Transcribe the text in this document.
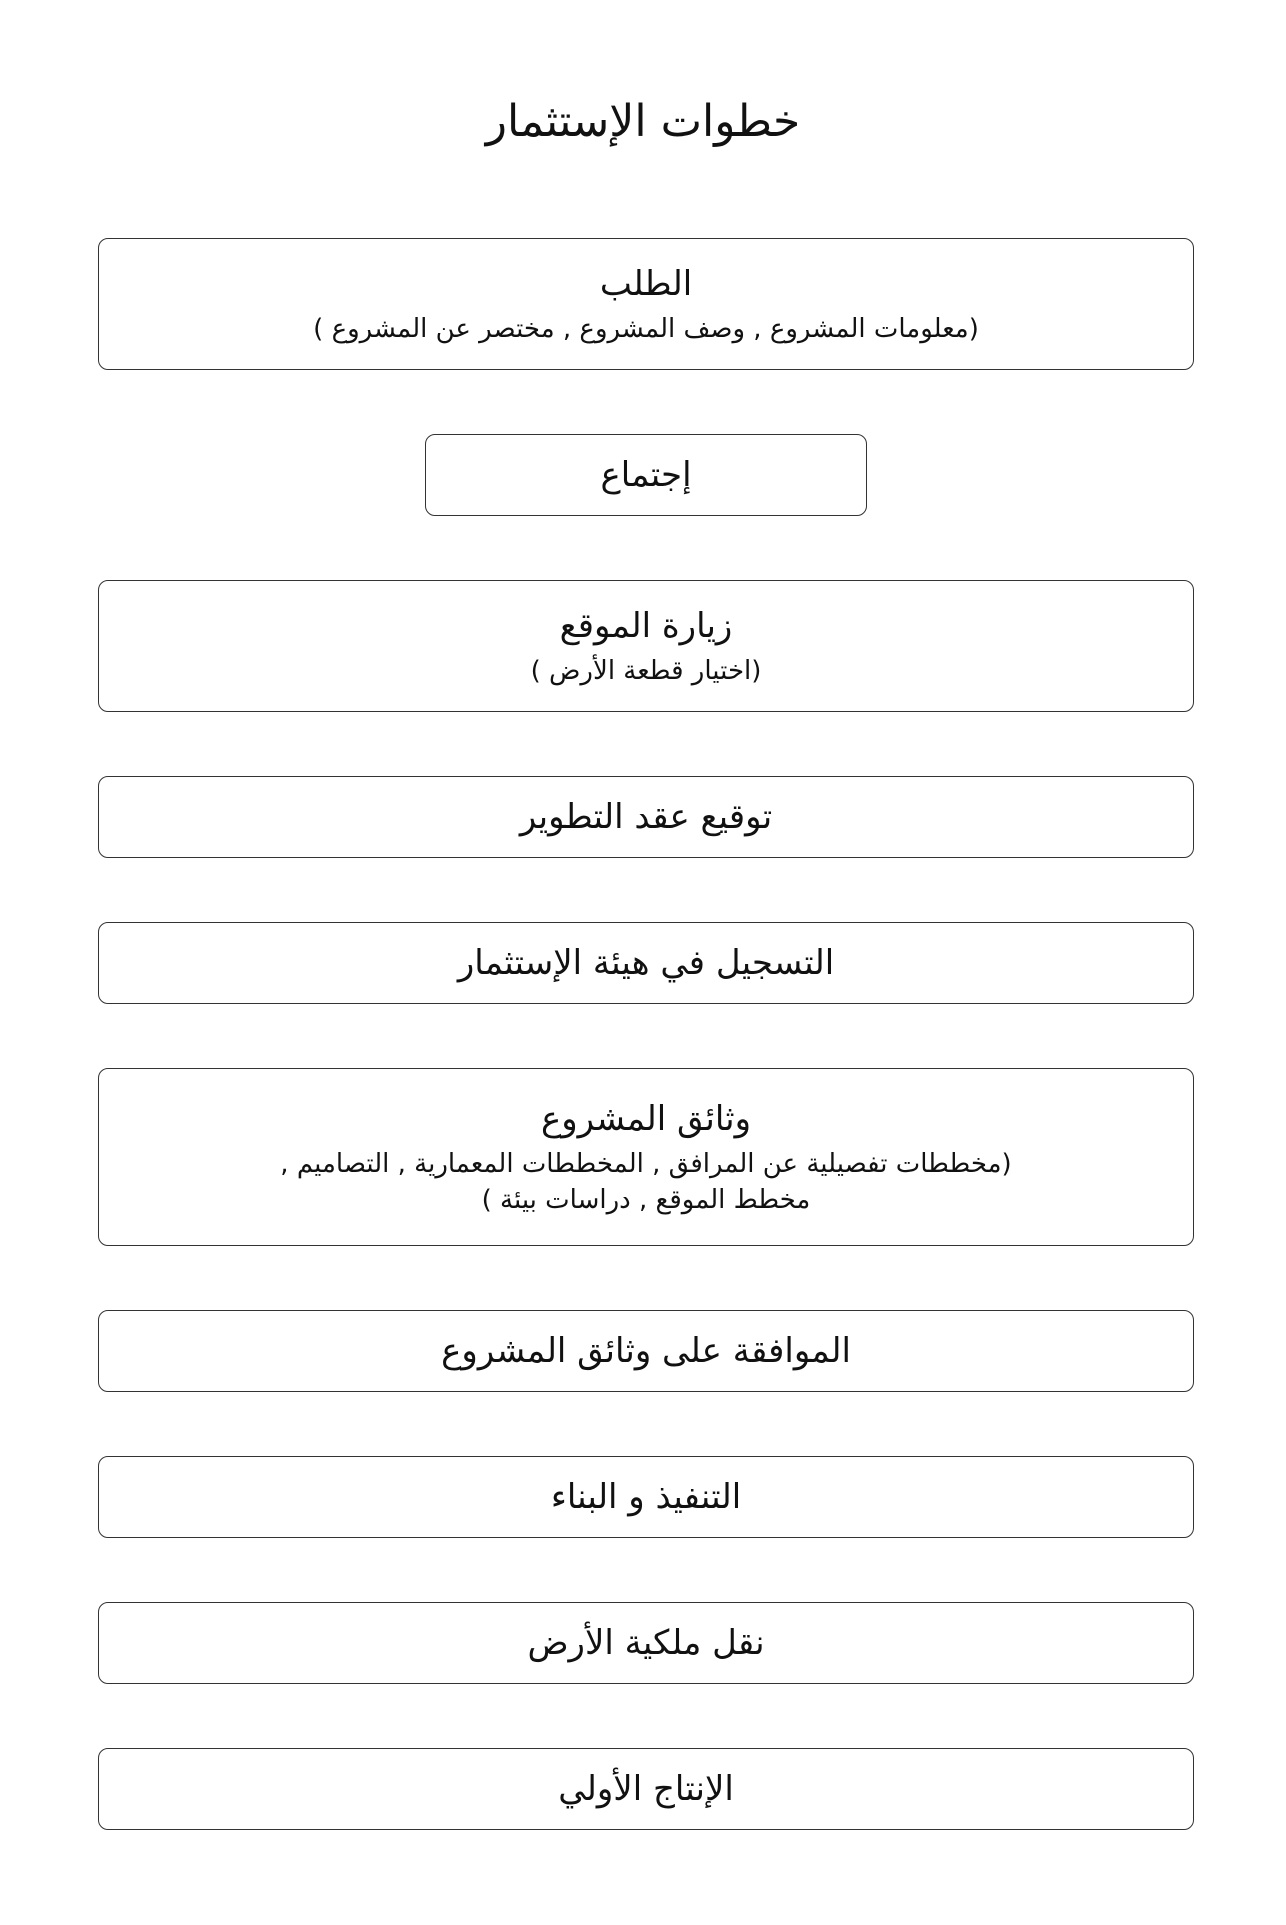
خطوات الإستثمار
الطلب
(معلومات المشروع , وصف المشروع , مختصر عن المشروع )
إجتماع
زيارة الموقع
(اختيار قطعة الأرض )
توقيع عقد التطوير
التسجيل في هيئة الإستثمار
وثائق المشروع
(مخططات تفصيلية عن المرافق , المخططات المعمارية , التصاميم ,
مخطط الموقع , دراسات بيئة )
الموافقة على وثائق المشروع
التنفيذ و البناء
نقل ملكية الأرض
الإنتاج الأولي
